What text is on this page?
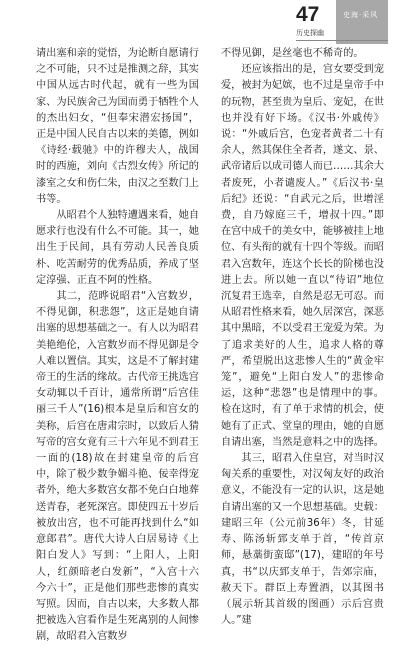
47
历史探幽
史海·采风

请出塞和亲的觉悟，为论断自愿请行之不可能，只不过是推测之辞，其实中国从远古时代起，就有一些为国家、为民族舍己为国而勇于牺牲个人的杰出妇女，“但奉宋潜宏扬国”，正是中国人民自古以来的美德，例如《诗经·载驰》中的许穆夫人，战国时的西施，刘向《古烈女传》所记的漆室之女和伤仁朱，由汉之至数门上书等。

从昭君个人独特遭遇来看，她自愿求行也没有什么不可能。其一，她出生于民间，具有劳动人民善良质朴、吃苦耐劳的优秀品质，养成了坚定淳强、正直不阿的性格。

其二，范晔说昭君“入宫数岁，不得见御，积悲怨”，这正是她自请出塞的思想基础之一。有人以为昭君美艳绝伦，入宫数岁而不得见御是令人难以置信。其实，这是不了解封建帝王的生活的缘故。古代帝王挑选宫女动辄以千百计，通常所谓“后宫佳丽三千人”(16)根本是皇后和宫女的美称，后宫在唐肃宗时，以致后人猜写帝的宫女竟有三十六年见不到君王一面的(18)故在封建皇帝的后宫中，除了极少数争媚斗艳、佞幸得宠者外，绝大多数宫女都不免白白地葬送青春，老死深宫。即使四五十岁后被放出宫，也不可能再找到什么“如意郎君”。唐代大诗人白居易诗《上阳白发人》写到：“上阳人，上阳人，红颜暗老白发新”，“入宫十六今六十”，正是他们那些悲惨的真实写照。因而，自古以来，大多数人都把被选入宫看作是生死离别的人间惨剧，故昭君入宫数岁

不得见御，是丝毫也不稀奇的。

还应该指出的是，宫女要受到宠爱，被封为妃嫔，也不过是皇帝手中的玩物，甚至贵为皇后、宠妃，在世也并没有好下场。《汉书·外戚传》说：“外戚后宫，色宠者黄者二十有余人，然其保住全者者，遂文、景、武帝诸后以成司德人而已……其余大者废死，小者谴废人。”《后汉书·皇后纪》还说：“自武元之后，世增淫费，自乃嫁庭三千，增叔十四。”即在宫中成千的美女中，能够被挂上地位、有头衔的就有十四个等级。而昭君入宫数年，连这个长长的阶梯也没进上去。所以她一直以“待诏”地位沉复君王选幸，自然是忍无可忍。而从昭君性格来看，她久居深宫，深恶其中黑暗，不以受君王宠爱为荣。为了追求美好的人生，追求人格的尊严，希望脱出这悲惨人生的“黄金牢笼”，避免“上阳白发人”的悲惨命运，这种“悲怨”也是情理中的事。检在这时，有了单于求情的机会，使她有了正式、堂皇的理由，她的自愿自请出塞，当然是意料之中的选择。

其三，昭君入住皇宫，对当时汉匈关系的重要性，对汉匈友好的政治意义，不能没有一定的认识，这是她自请出塞的又一个思想基础。史载：建昭三年（公元前36年）冬，甘延寿、陈汤斩郅支单于首，“传首京师，悬藁街蛮邸”(17)，建昭的年号真，书“以庆郅支单于，告郊宗庙，赦天下。群臣上寿置酒，以其图书（展示斩其首级的图画）示后宫贵人。”建
